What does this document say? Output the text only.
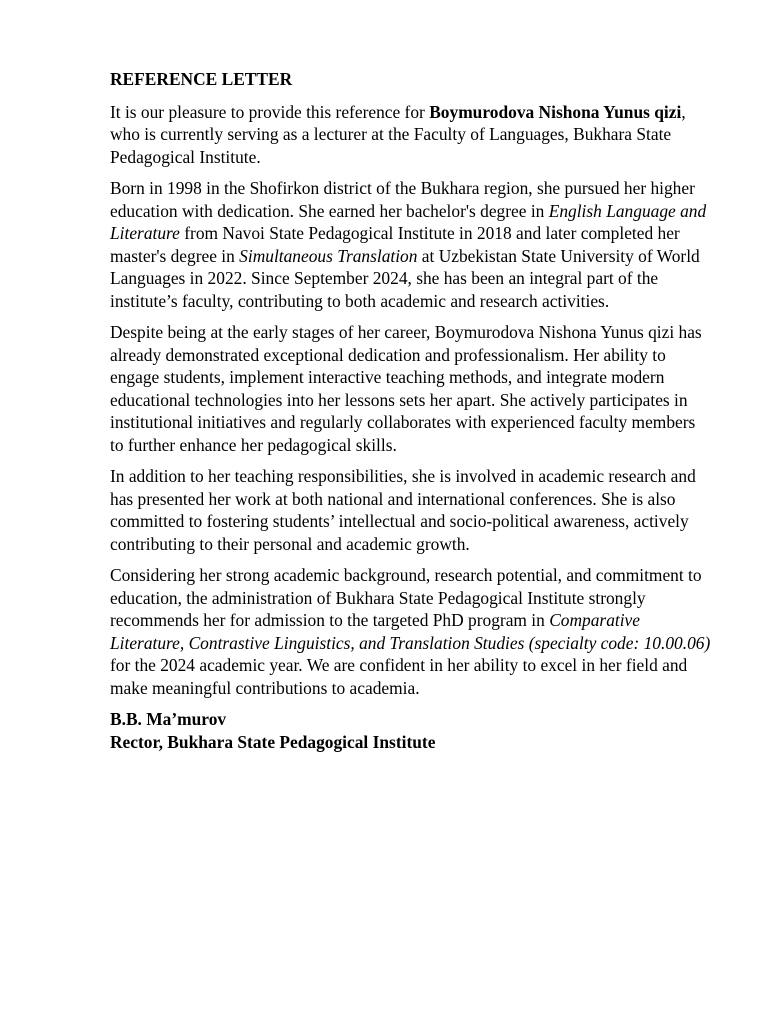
REFERENCE LETTER

It is our pleasure to provide this reference for Boymurodova Nishona Yunus qizi, who is currently serving as a lecturer at the Faculty of Languages, Bukhara State Pedagogical Institute.

Born in 1998 in the Shofirkon district of the Bukhara region, she pursued her higher education with dedication. She earned her bachelor's degree in English Language and Literature from Navoi State Pedagogical Institute in 2018 and later completed her master's degree in Simultaneous Translation at Uzbekistan State University of World Languages in 2022. Since September 2024, she has been an integral part of the institute’s faculty, contributing to both academic and research activities.

Despite being at the early stages of her career, Boymurodova Nishona Yunus qizi has already demonstrated exceptional dedication and professionalism. Her ability to engage students, implement interactive teaching methods, and integrate modern educational technologies into her lessons sets her apart. She actively participates in institutional initiatives and regularly collaborates with experienced faculty members to further enhance her pedagogical skills.

In addition to her teaching responsibilities, she is involved in academic research and has presented her work at both national and international conferences. She is also committed to fostering students’ intellectual and socio-political awareness, actively contributing to their personal and academic growth.

Considering her strong academic background, research potential, and commitment to education, the administration of Bukhara State Pedagogical Institute strongly recommends her for admission to the targeted PhD program in Comparative Literature, Contrastive Linguistics, and Translation Studies (specialty code: 10.00.06) for the 2024 academic year. We are confident in her ability to excel in her field and make meaningful contributions to academia.

B.B. Ma’murov
Rector, Bukhara State Pedagogical Institute
